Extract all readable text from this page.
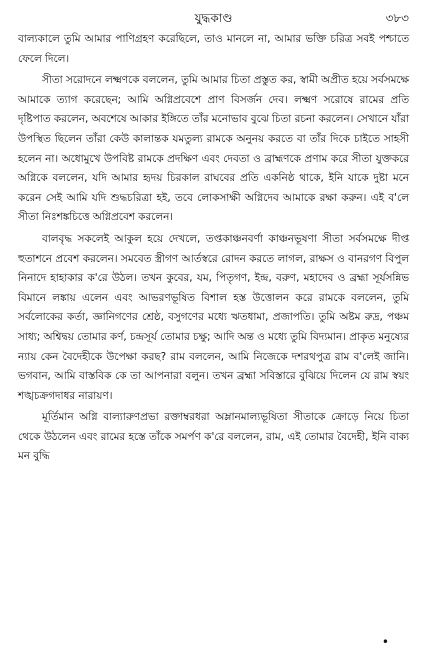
যুদ্ধকাণ্ড	৩৮৩

বাল্যকালে তুমি আমার পাণিগ্রহণ করেছিলে, তাও মানলে না, আমার ভক্তি চরিত্র সবই পশ্চাতে ফেলে দিলে।

সীতা সরোদনে লক্ষ্মণকে বললেন, তুমি আমার চিতা প্রস্তুত কর, স্বামী অপ্রীত হয়ে সর্বসমক্ষে আমাকে ত্যাগ করেছেন; আমি অগ্নিপ্রবেশে প্রাণ বিসর্জন দেব। লক্ষ্মণ সরোষে রামের প্রতি দৃষ্টিপাত করলেন, অবশেষে আকার ইঙ্গিতে তাঁর মনোভাব বুঝে চিতা রচনা করলেন। সেখানে যাঁরা উপস্থিত ছিলেন তাঁরা কেউ কালান্তক যমতুল্য রামকে অনুনয় করতে বা তাঁর দিকে চাইতে সাহসী হলেন না। অধোমুখে উপবিষ্ট রামকে প্রদক্ষিণ এবং দেবতা ও ব্রাহ্মণকে প্রণাম করে সীতা যুক্তকরে অগ্নিকে বললেন, যদি আমার হৃদয় চিরকাল রাঘবের প্রতি একনিষ্ঠ থাকে, ইনি যাকে দুষ্টা মনে করেন সেই আমি যদি শুদ্ধচরিত্রা হই, তবে লোকসাক্ষী অগ্নিদেব আমাকে রক্ষা করুন। এই ব'লে সীতা নিঃশঙ্কচিত্তে অগ্নিপ্রবেশ করলেন।

বালবৃদ্ধ সকলেই আকুল হয়ে দেখলে, তপ্তকাঞ্চনবর্ণা কাঞ্চনভূষণা সীতা সর্বসমক্ষে দীপ্ত হুতাশনে প্রবেশ করলেন। সমবেত স্ত্রীগণ আর্তস্বরে রোদন করতে লাগল, রাক্ষস ও বানরগণ বিপুল নিনাদে হাহাকার ক'রে উঠল। তখন কুবের, যম, পিতৃগণ, ইন্দ্র, বরুণ, মহাদেব ও ব্রহ্মা সূর্যসন্নিভ বিমানে লঙ্কায় এলেন এবং আভরণভূষিত বিশাল হস্ত উত্তোলন করে রামকে বললেন, তুমি সর্বলোকের কর্তা, জ্ঞানিগণের শ্রেষ্ঠ, বসুগণের মধ্যে ঋতধামা, প্রজাপতি। তুমি অষ্টম রুদ্র, পঞ্চম সাধ্য; অশ্বিদ্বয় তোমার কর্ণ, চন্দ্রসূর্য তোমার চক্ষু; আদি অন্ত ও মধ্যে তুমি বিদ্যমান। প্রাকৃত মনুষ্যের ন্যায় কেন বৈদেহীকে উপেক্ষা করছ? রাম বললেন, আমি নিজেকে দশরথপুত্র রাম ব'লেই জানি। ভগবান, আমি বাস্তবিক কে তা আপনারা বলুন। তখন ব্রহ্মা সবিস্তারে বুঝিয়ে দিলেন যে রাম স্বয়ং শঙ্খচক্রগদাধর নারায়ণ।

মূর্তিমান অগ্নি বাল্যারুণপ্রভা রক্তাম্বরধরা অম্লানমাল্যভূষিতা সীতাকে ক্রোড়ে নিয়ে চিতা থেকে উঠলেন এবং রামের হস্তে তাঁকে সমর্পণ ক'রে বললেন, রাম, এই তোমার বৈদেহী, ইনি বাক্য মন বুদ্ধি

•
